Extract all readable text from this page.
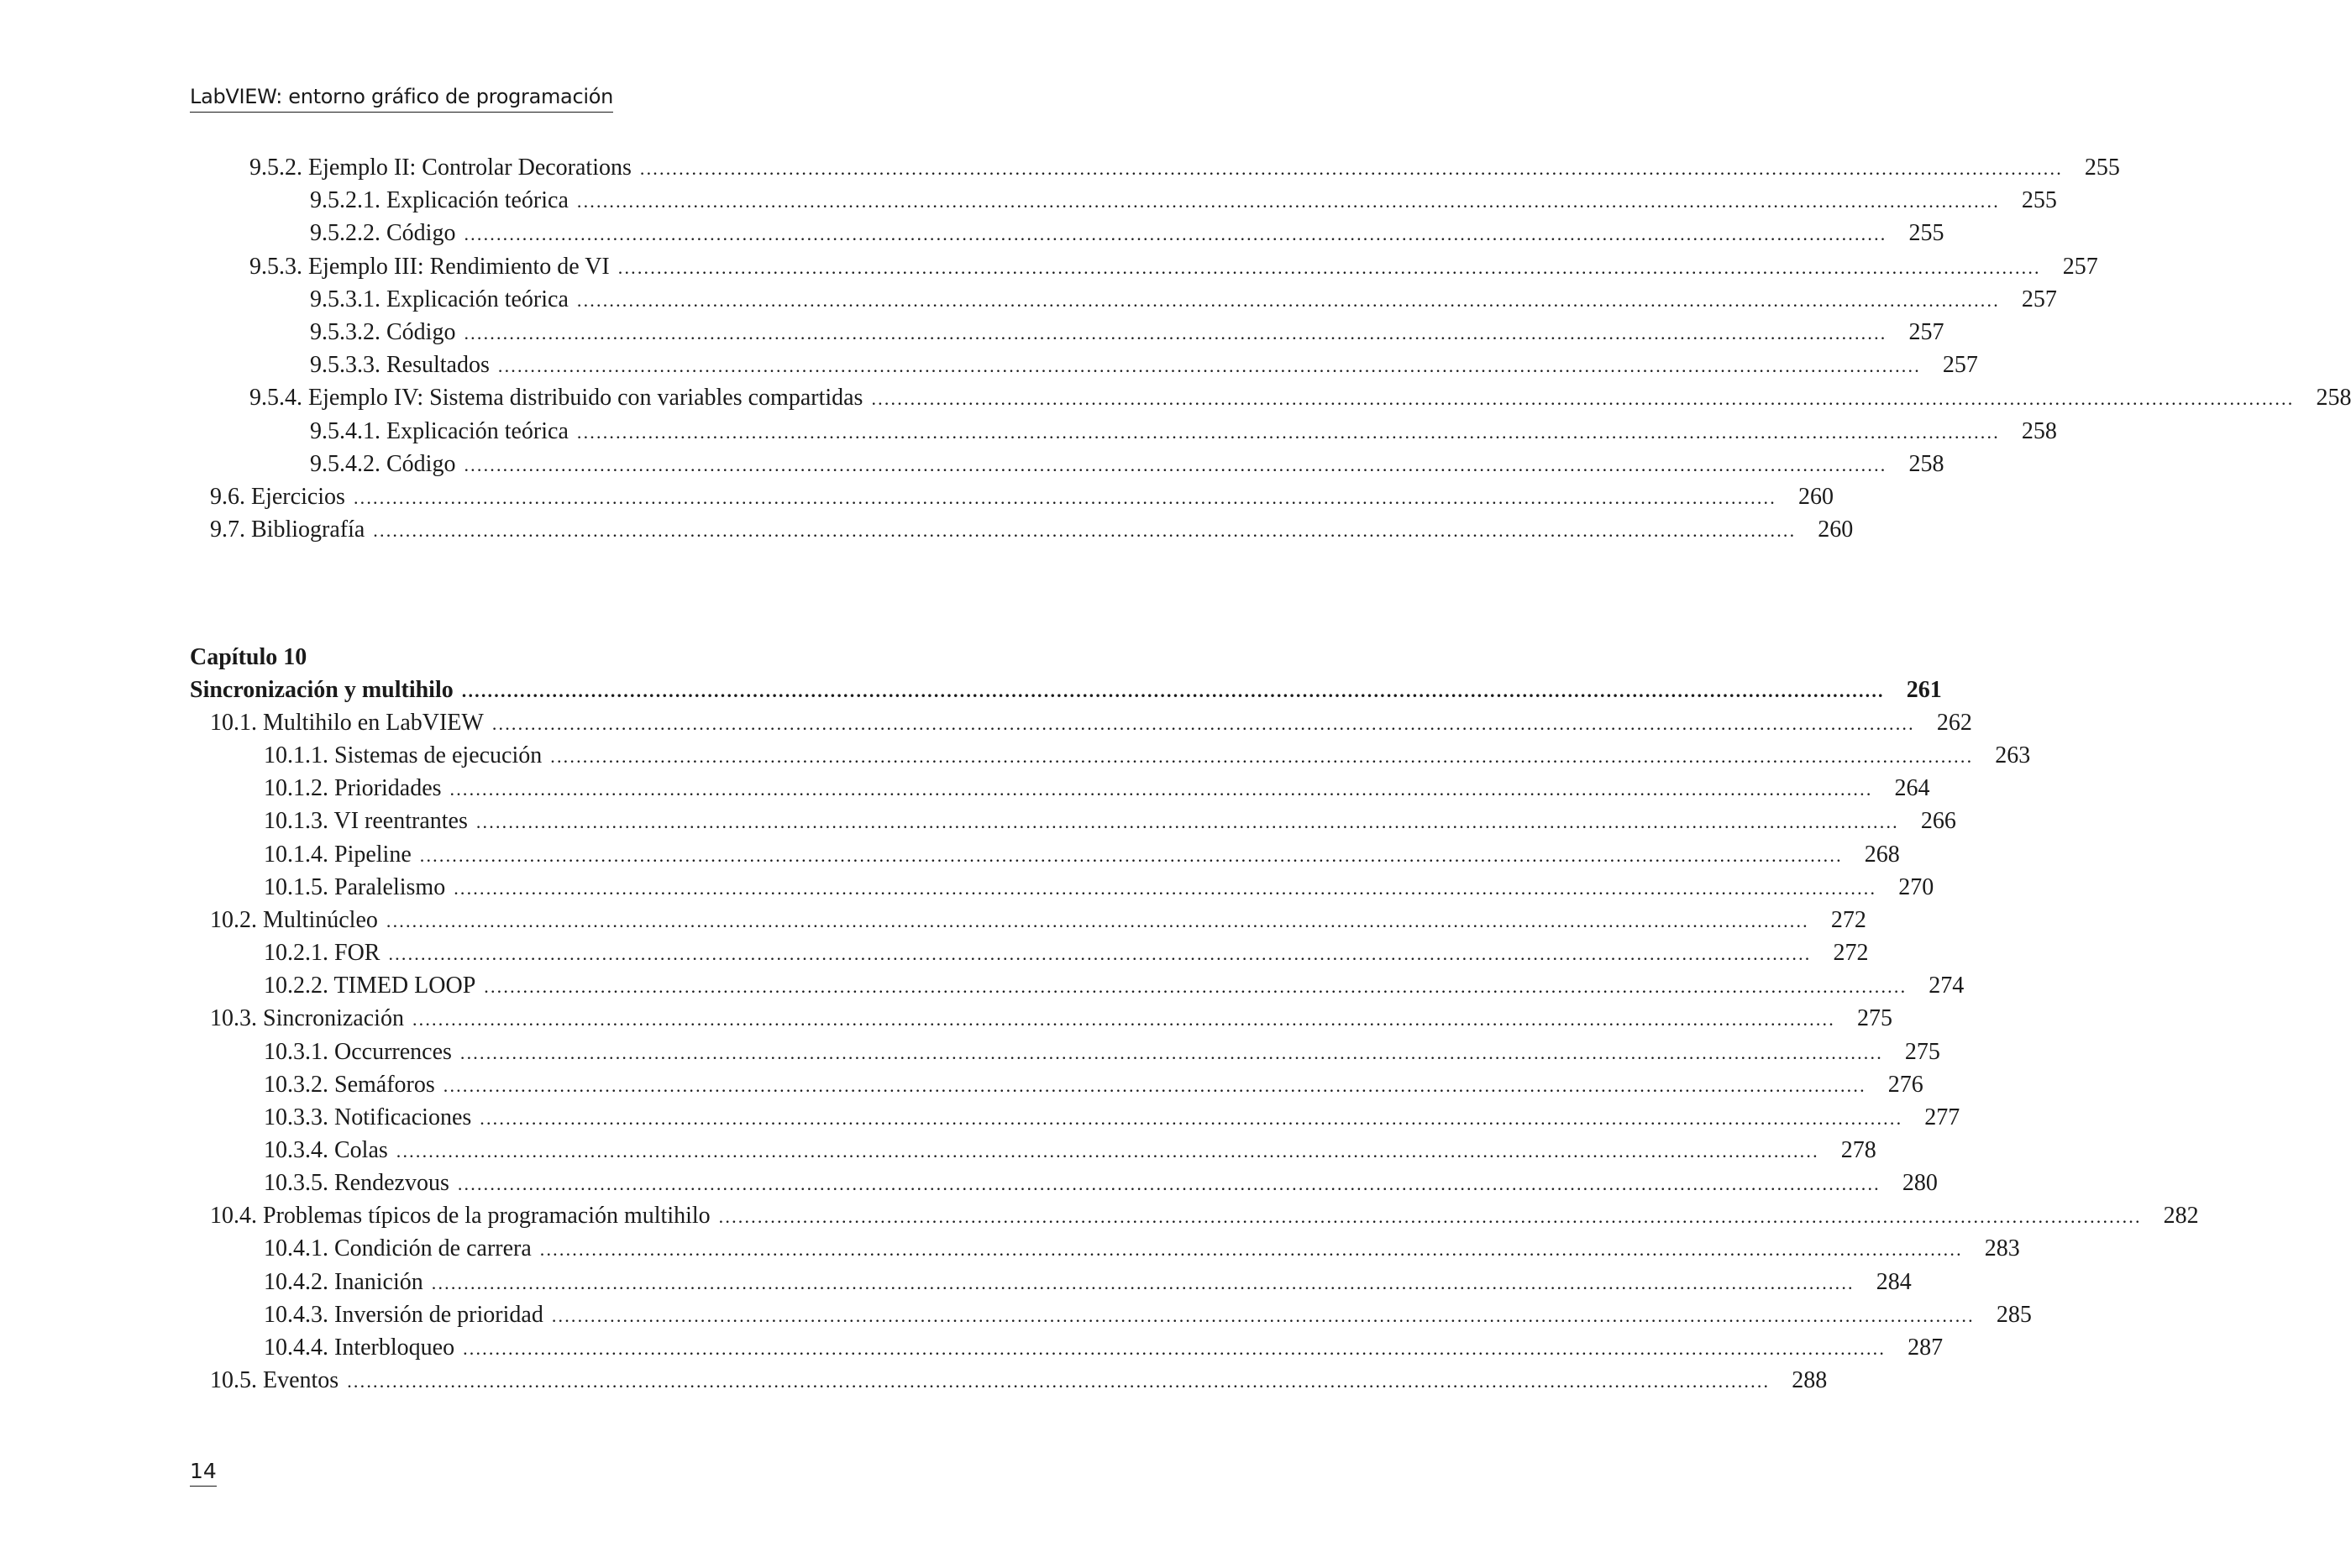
LabVIEW: entorno gráfico de programación
9.5.2. Ejemplo II: Controlar Decorations ............................................................................................................................................................................................................................ 255
9.5.2.1. Explicación teórica ............................................................................................................................................................................................................................ 255
9.5.2.2. Código ............................................................................................................................................................................................................................ 255
9.5.3. Ejemplo III: Rendimiento de VI ............................................................................................................................................................................................................................ 257
9.5.3.1. Explicación teórica ............................................................................................................................................................................................................................ 257
9.5.3.2. Código ............................................................................................................................................................................................................................ 257
9.5.3.3. Resultados ............................................................................................................................................................................................................................ 257
9.5.4. Ejemplo IV: Sistema distribuido con variables compartidas ............................................................................................................................................................................................................................ 258
9.5.4.1. Explicación teórica ............................................................................................................................................................................................................................ 258
9.5.4.2. Código ............................................................................................................................................................................................................................ 258
9.6. Ejercicios ............................................................................................................................................................................................................................ 260
9.7. Bibliografía ............................................................................................................................................................................................................................ 260
Capítulo 10
Sincronización y multihilo ............................................................................................................................................................................................................................ 261
10.1. Multihilo en LabVIEW ............................................................................................................................................................................................................................ 262
10.1.1. Sistemas de ejecución ............................................................................................................................................................................................................................ 263
10.1.2. Prioridades ............................................................................................................................................................................................................................ 264
10.1.3. VI reentrantes ............................................................................................................................................................................................................................ 266
10.1.4. Pipeline ............................................................................................................................................................................................................................ 268
10.1.5. Paralelismo ............................................................................................................................................................................................................................ 270
10.2. Multinúcleo ............................................................................................................................................................................................................................ 272
10.2.1. FOR ............................................................................................................................................................................................................................ 272
10.2.2. TIMED LOOP ............................................................................................................................................................................................................................ 274
10.3. Sincronización ............................................................................................................................................................................................................................ 275
10.3.1. Occurrences ............................................................................................................................................................................................................................ 275
10.3.2. Semáforos ............................................................................................................................................................................................................................ 276
10.3.3. Notificaciones ............................................................................................................................................................................................................................ 277
10.3.4. Colas ............................................................................................................................................................................................................................ 278
10.3.5. Rendezvous ............................................................................................................................................................................................................................ 280
10.4. Problemas típicos de la programación multihilo ............................................................................................................................................................................................................................ 282
10.4.1. Condición de carrera ............................................................................................................................................................................................................................ 283
10.4.2. Inanición ............................................................................................................................................................................................................................ 284
10.4.3. Inversión de prioridad ............................................................................................................................................................................................................................ 285
10.4.4. Interbloqueo ............................................................................................................................................................................................................................ 287
10.5. Eventos ............................................................................................................................................................................................................................ 288
14
